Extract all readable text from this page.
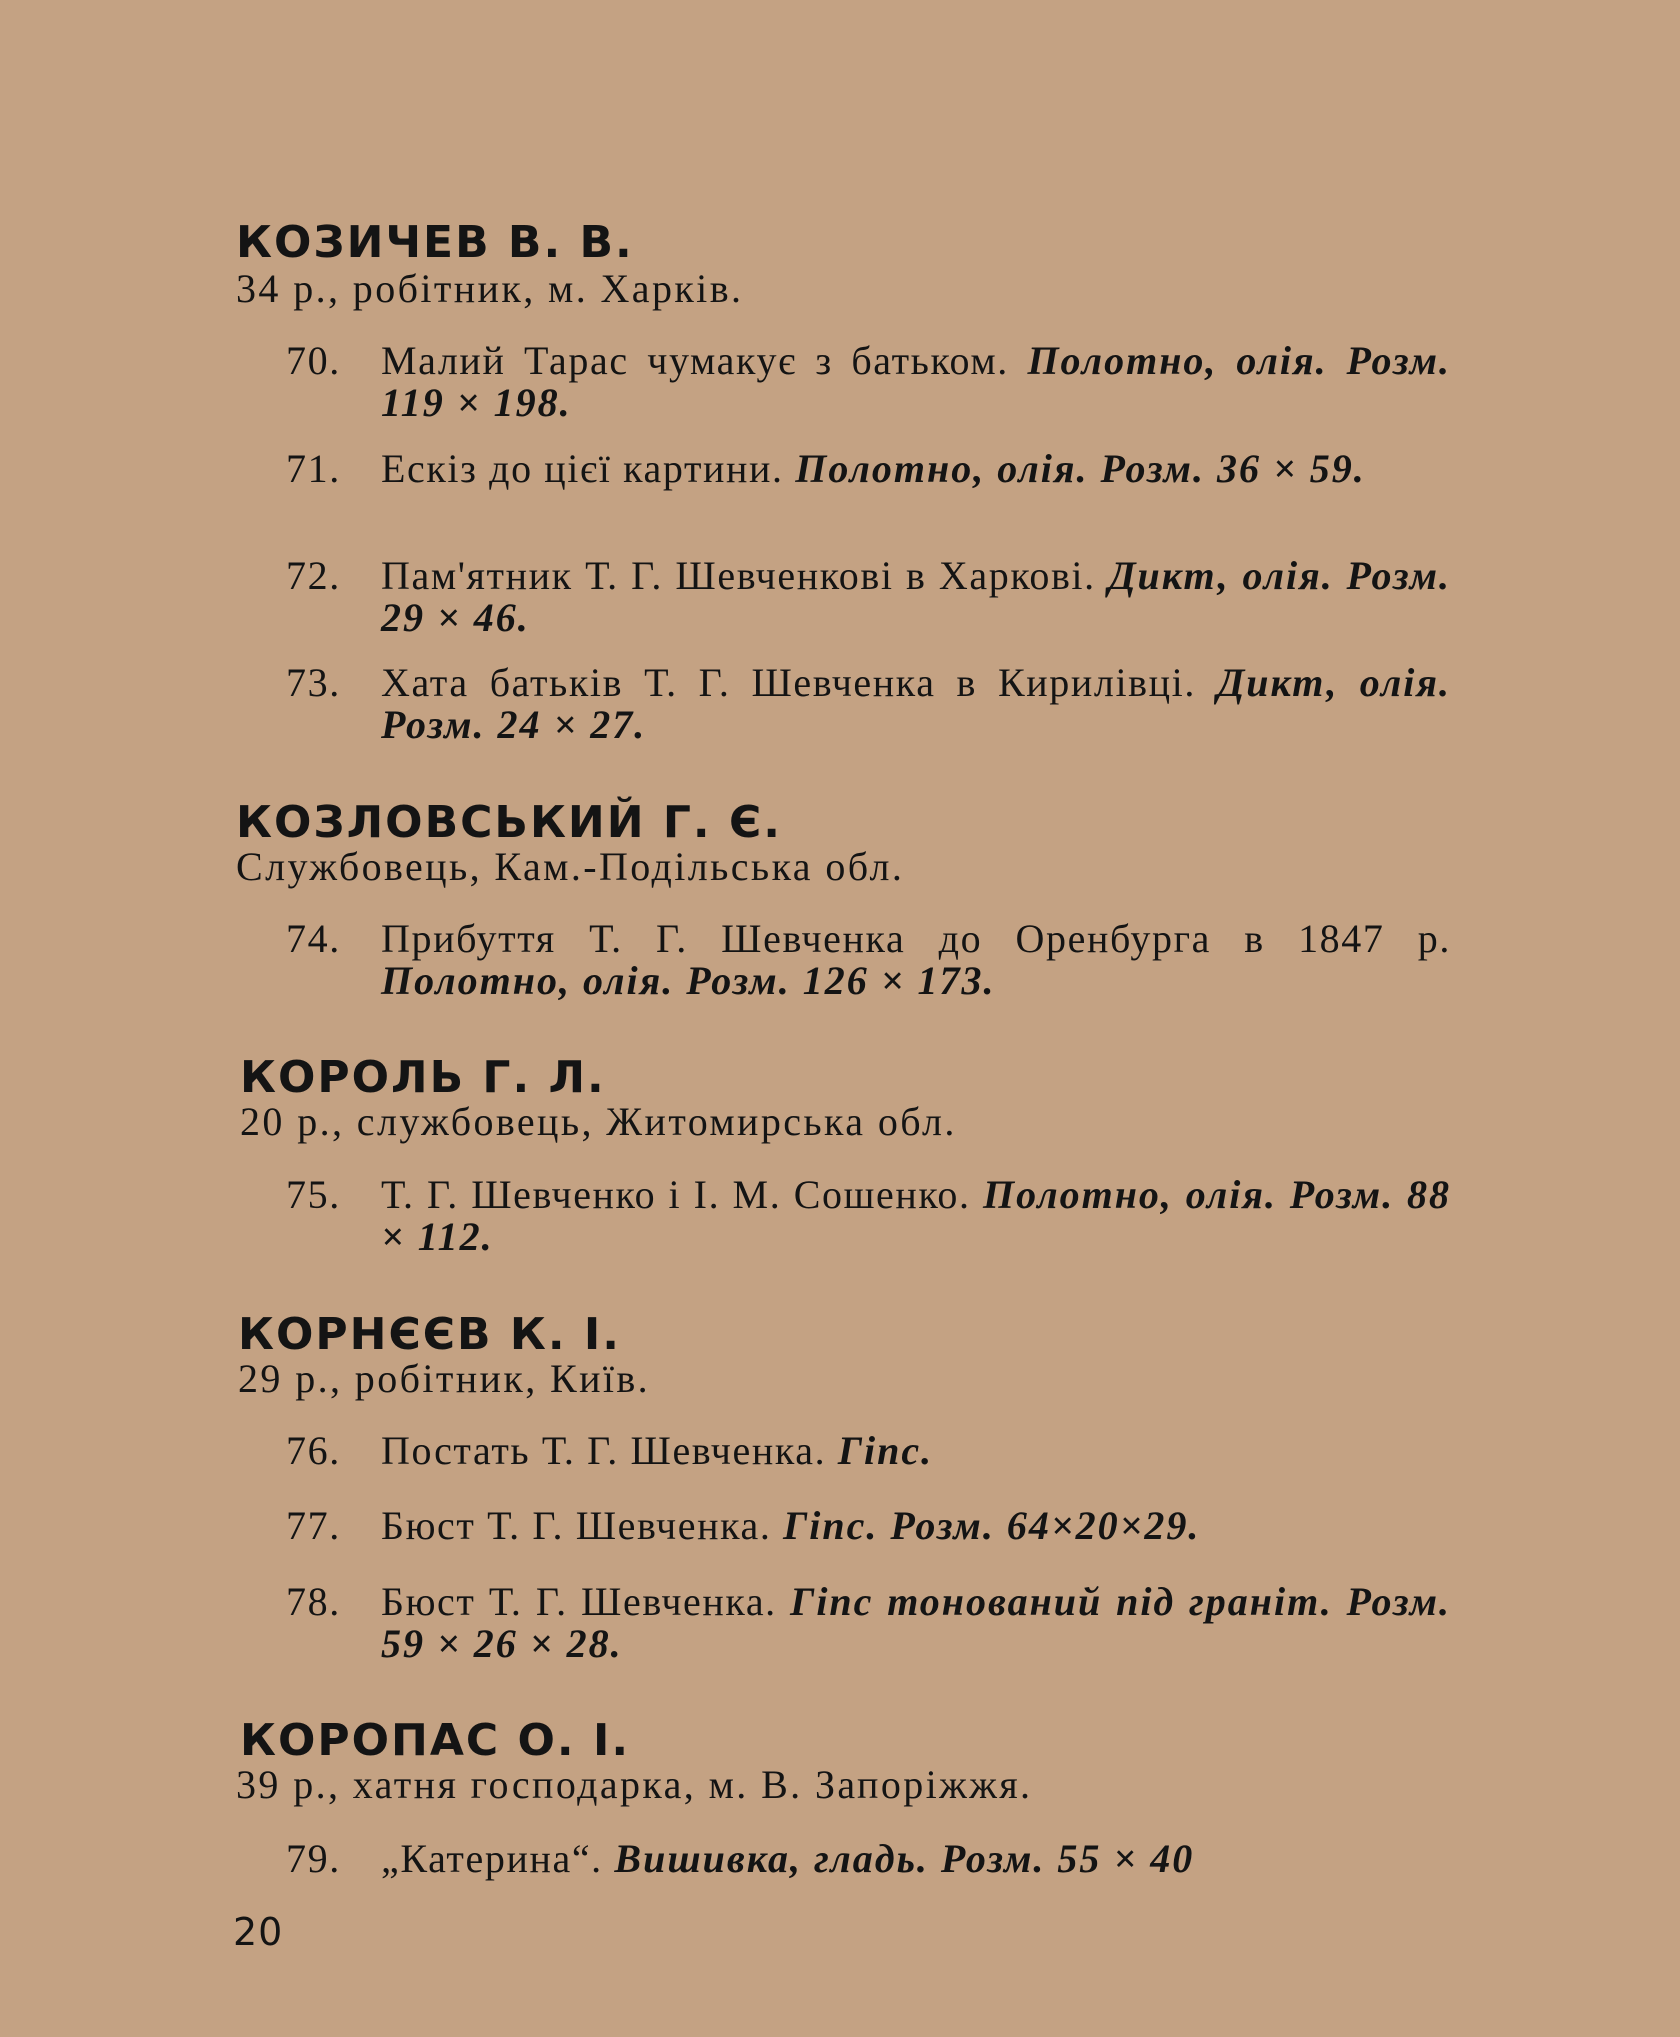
КОЗИЧЕВ В. В.
34 р., робітник, м. Харків.
70.	Малий Тарас чумакує з батьком. Полотно, олія. Розм. 119 × 198.
71.	Ескіз до цієї картини. Полотно, олія. Розм. 36 × 59.
72.	Пам'ятник Т. Г. Шевченкові в Харкові. Дикт, олія. Розм. 29 × 46.
73.	Хата батьків Т. Г. Шевченка в Кирилівці. Дикт, олія. Розм. 24 × 27.
КОЗЛОВСЬКИЙ Г. Є.
Службовець, Кам.-Подільська обл.
74.	Прибуття Т. Г. Шевченка до Оренбурга в 1847 р. Полотно, олія. Розм. 126 × 173.
КОРОЛЬ Г. Л.
20 р., службовець, Житомирська обл.
75.	Т. Г. Шевченко і І. М. Сошенко. Полотно, олія. Розм. 88 × 112.
КОРНЄЄВ К. І.
29 р., робітник, Київ.
76.	Постать Т. Г. Шевченка. Гіпс.
77.	Бюст Т. Г. Шевченка. Гіпс. Розм. 64×20×29.
78.	Бюст Т. Г. Шевченка. Гіпс тонований під граніт. Розм. 59 × 26 × 28.
КОРОПАС О. І.
39 р., хатня господарка, м. В. Запоріжжя.
79.	„Катерина“. Вишивка, гладь. Розм. 55 × 40
20
